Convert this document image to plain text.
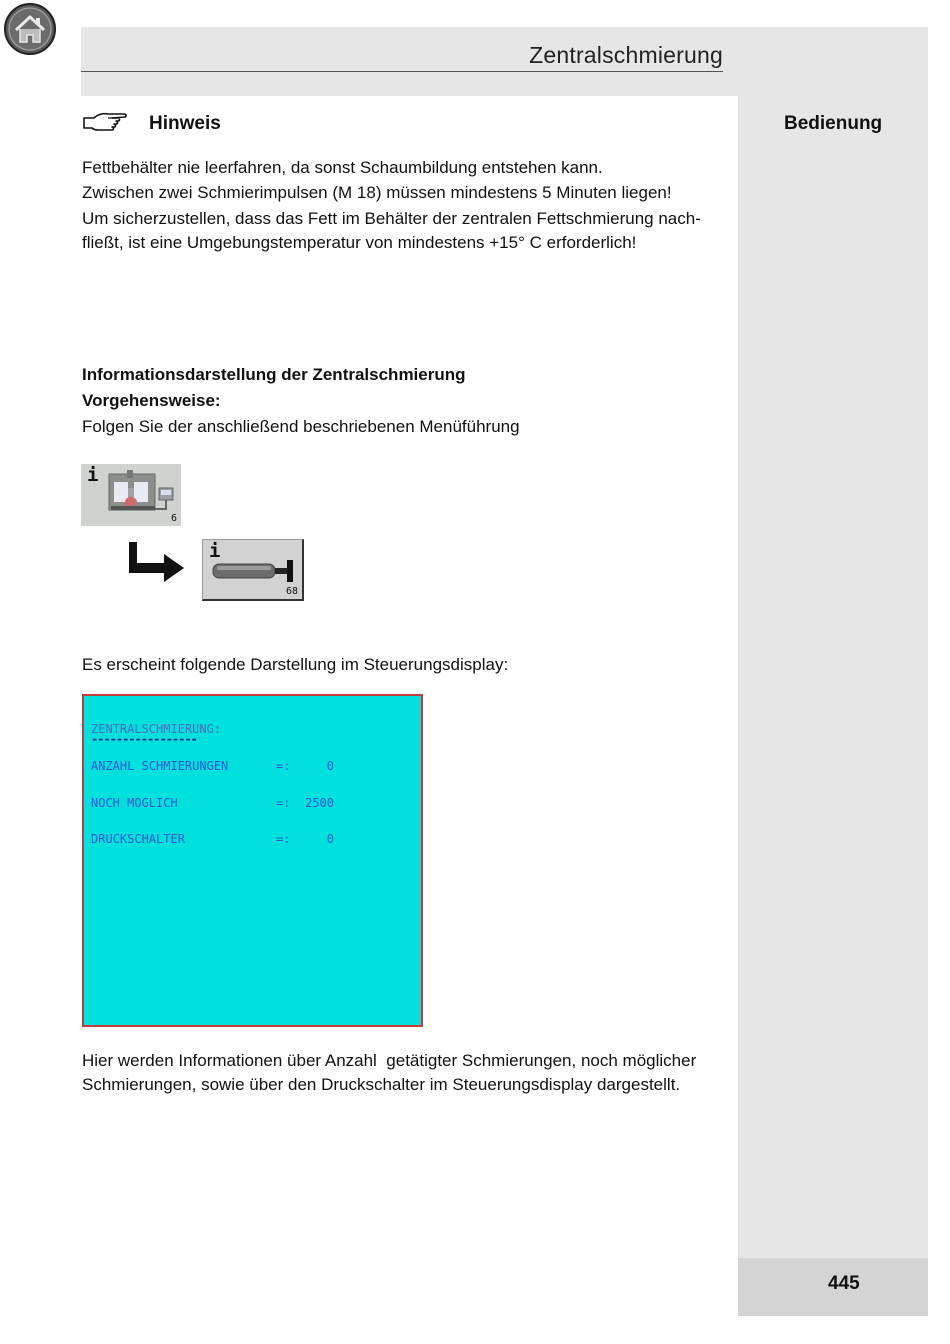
Zentralschmierung
Bedienung
Hinweis
Fettbehälter nie leerfahren, da sonst Schaumbildung entstehen kann.
Zwischen zwei Schmierimpulsen (M 18) müssen mindestens 5 Minuten liegen!
Um sicherzustellen, dass das Fett im Behälter der zentralen Fettschmierung nach-
fließt, ist eine Umgebungstemperatur von mindestens +15° C erforderlich!
Informationsdarstellung der Zentralschmierung
Vorgehensweise:
Folgen Sie der anschließend beschriebenen Menüführung
i
6
i
68
Es erscheint folgende Darstellung im Steuerungsdisplay:
ZENTRALSCHMIERUNG:
-----------------
ANZAHL SCHMIERUNGEN	=:	0
NOCH MOGLICH	=:	2500
DRUCKSCHALTER	=:	0
Hier werden Informationen über Anzahl  getätigter Schmierungen, noch möglicher
Schmierungen, sowie über den Druckschalter im Steuerungsdisplay dargestellt.
445
